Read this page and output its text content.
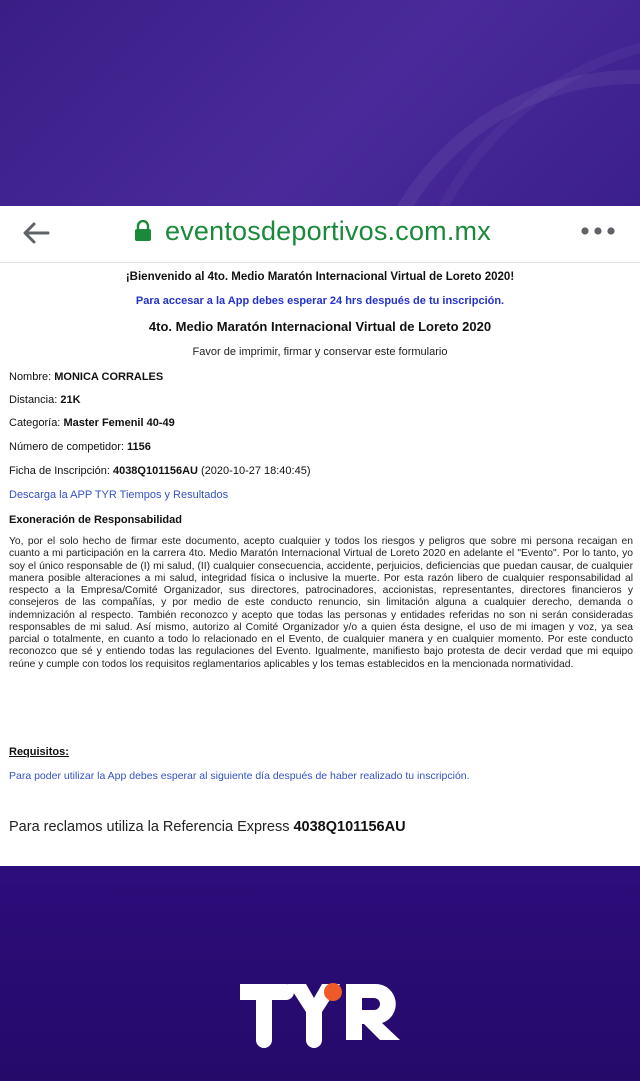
eventosdeportivos.com.mx
¡Bienvenido al 4to. Medio Maratón Internacional Virtual de Loreto 2020!
Para accesar a la App debes esperar 24 hrs después de tu inscripción.
4to. Medio Maratón Internacional Virtual de Loreto 2020
Favor de imprimir, firmar y conservar este formulario
Nombre: MONICA CORRALES
Distancia: 21K
Categoría: Master Femenil 40-49
Número de competidor: 1156
Ficha de Inscripción: 4038Q101156AU (2020-10-27 18:40:45)
Descarga la APP TYR Tiempos y Resultados
Exoneración de Responsabilidad
Yo, por el solo hecho de firmar este documento, acepto cualquier y todos los riesgos y peligros que sobre mi persona recaigan en cuanto a mi participación en la carrera 4to. Medio Maratón Internacional Virtual de Loreto 2020 en adelante el "Evento". Por lo tanto, yo soy el único responsable de (I) mi salud, (II) cualquier consecuencia, accidente, perjuicios, deficiencias que puedan causar, de cualquier manera posible alteraciones a mi salud, integridad física o inclusive la muerte. Por esta razón libero de cualquier responsabilidad al respecto a la Empresa/Comité Organizador, sus directores, patrocinadores, accionistas, representantes, directores financieros y consejeros de las compañías, y por medio de este conducto renuncio, sin limitación alguna a cualquier derecho, demanda o indemnización al respecto. También reconozco y acepto que todas las personas y entidades referidas no son ni serán consideradas responsables de mi salud. Así mismo, autorizo al Comité Organizador y/o a quien ésta designe, el uso de mi imagen y voz, ya sea parcial o totalmente, en cuanto a todo lo relacionado en el Evento, de cualquier manera y en cualquier momento. Por este conducto reconozco que sé y entiendo todas las regulaciones del Evento. Igualmente, manifiesto bajo protesta de decir verdad que mi equipo reúne y cumple con todos los requisitos reglamentarios aplicables y los temas establecidos en la mencionada normatividad.
Requisitos:
Para poder utilizar la App debes esperar al siguiente día después de haber realizado tu inscripción.
Para reclamos utiliza la Referencia Express 4038Q101156AU
